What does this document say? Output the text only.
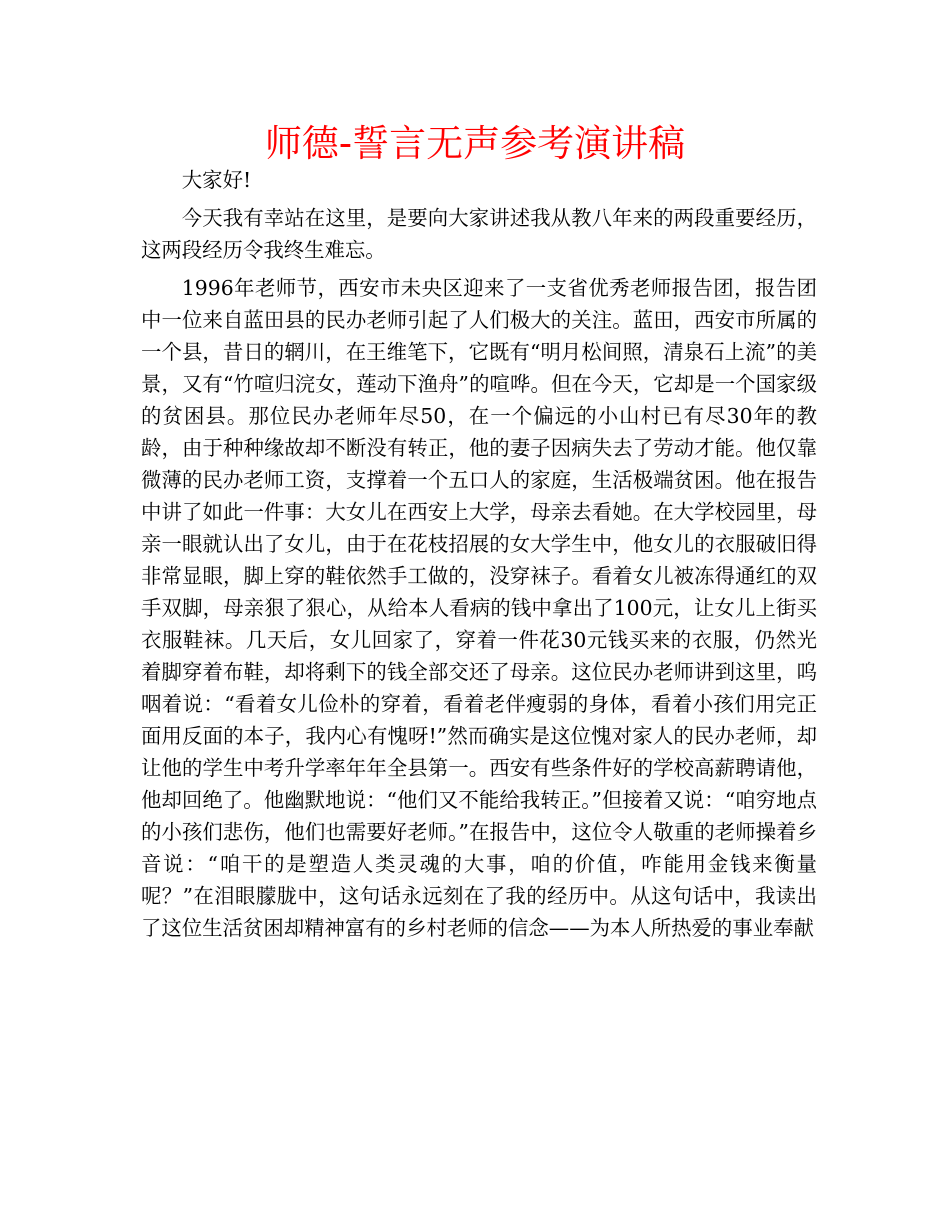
师德-誓言无声参考演讲稿

大家好!

今天我有幸站在这里，是要向大家讲述我从教八年来的两段重要经历，这两段经历令我终生难忘。

1996年老师节，西安市未央区迎来了一支省优秀老师报告团，报告团中一位来自蓝田县的民办老师引起了人们极大的关注。蓝田，西安市所属的一个县，昔日的辋川，在王维笔下，它既有“明月松间照，清泉石上流”的美景，又有“竹喧归浣女，莲动下渔舟”的喧哗。但在今天，它却是一个国家级的贫困县。那位民办老师年尽50，在一个偏远的小山村已有尽30年的教龄，由于种种缘故却不断没有转正，他的妻子因病失去了劳动才能。他仅靠微薄的民办老师工资，支撑着一个五口人的家庭，生活极端贫困。他在报告中讲了如此一件事：大女儿在西安上大学，母亲去看她。在大学校园里，母亲一眼就认出了女儿，由于在花枝招展的女大学生中，他女儿的衣服破旧得非常显眼，脚上穿的鞋依然手工做的，没穿袜子。看着女儿被冻得通红的双手双脚，母亲狠了狠心，从给本人看病的钱中拿出了100元，让女儿上街买衣服鞋袜。几天后，女儿回家了，穿着一件花30元钱买来的衣服，仍然光着脚穿着布鞋，却将剩下的钱全部交还了母亲。这位民办老师讲到这里，呜咽着说：“看着女儿俭朴的穿着，看着老伴瘦弱的身体，看着小孩们用完正面用反面的本子，我内心有愧呀!”然而确实是这位愧对家人的民办老师，却让他的学生中考升学率年年全县第一。西安有些条件好的学校高薪聘请他，他却回绝了。他幽默地说：“他们又不能给我转正。”但接着又说：“咱穷地点的小孩们悲伤，他们也需要好老师。”在报告中，这位令人敬重的老师操着乡音说：“咱干的是塑造人类灵魂的大事，咱的价值，咋能用金钱来衡量呢？”在泪眼朦胧中，这句话永远刻在了我的经历中。从这句话中，我读出了这位生活贫困却精神富有的乡村老师的信念——为本人所热爱的事业奉献
